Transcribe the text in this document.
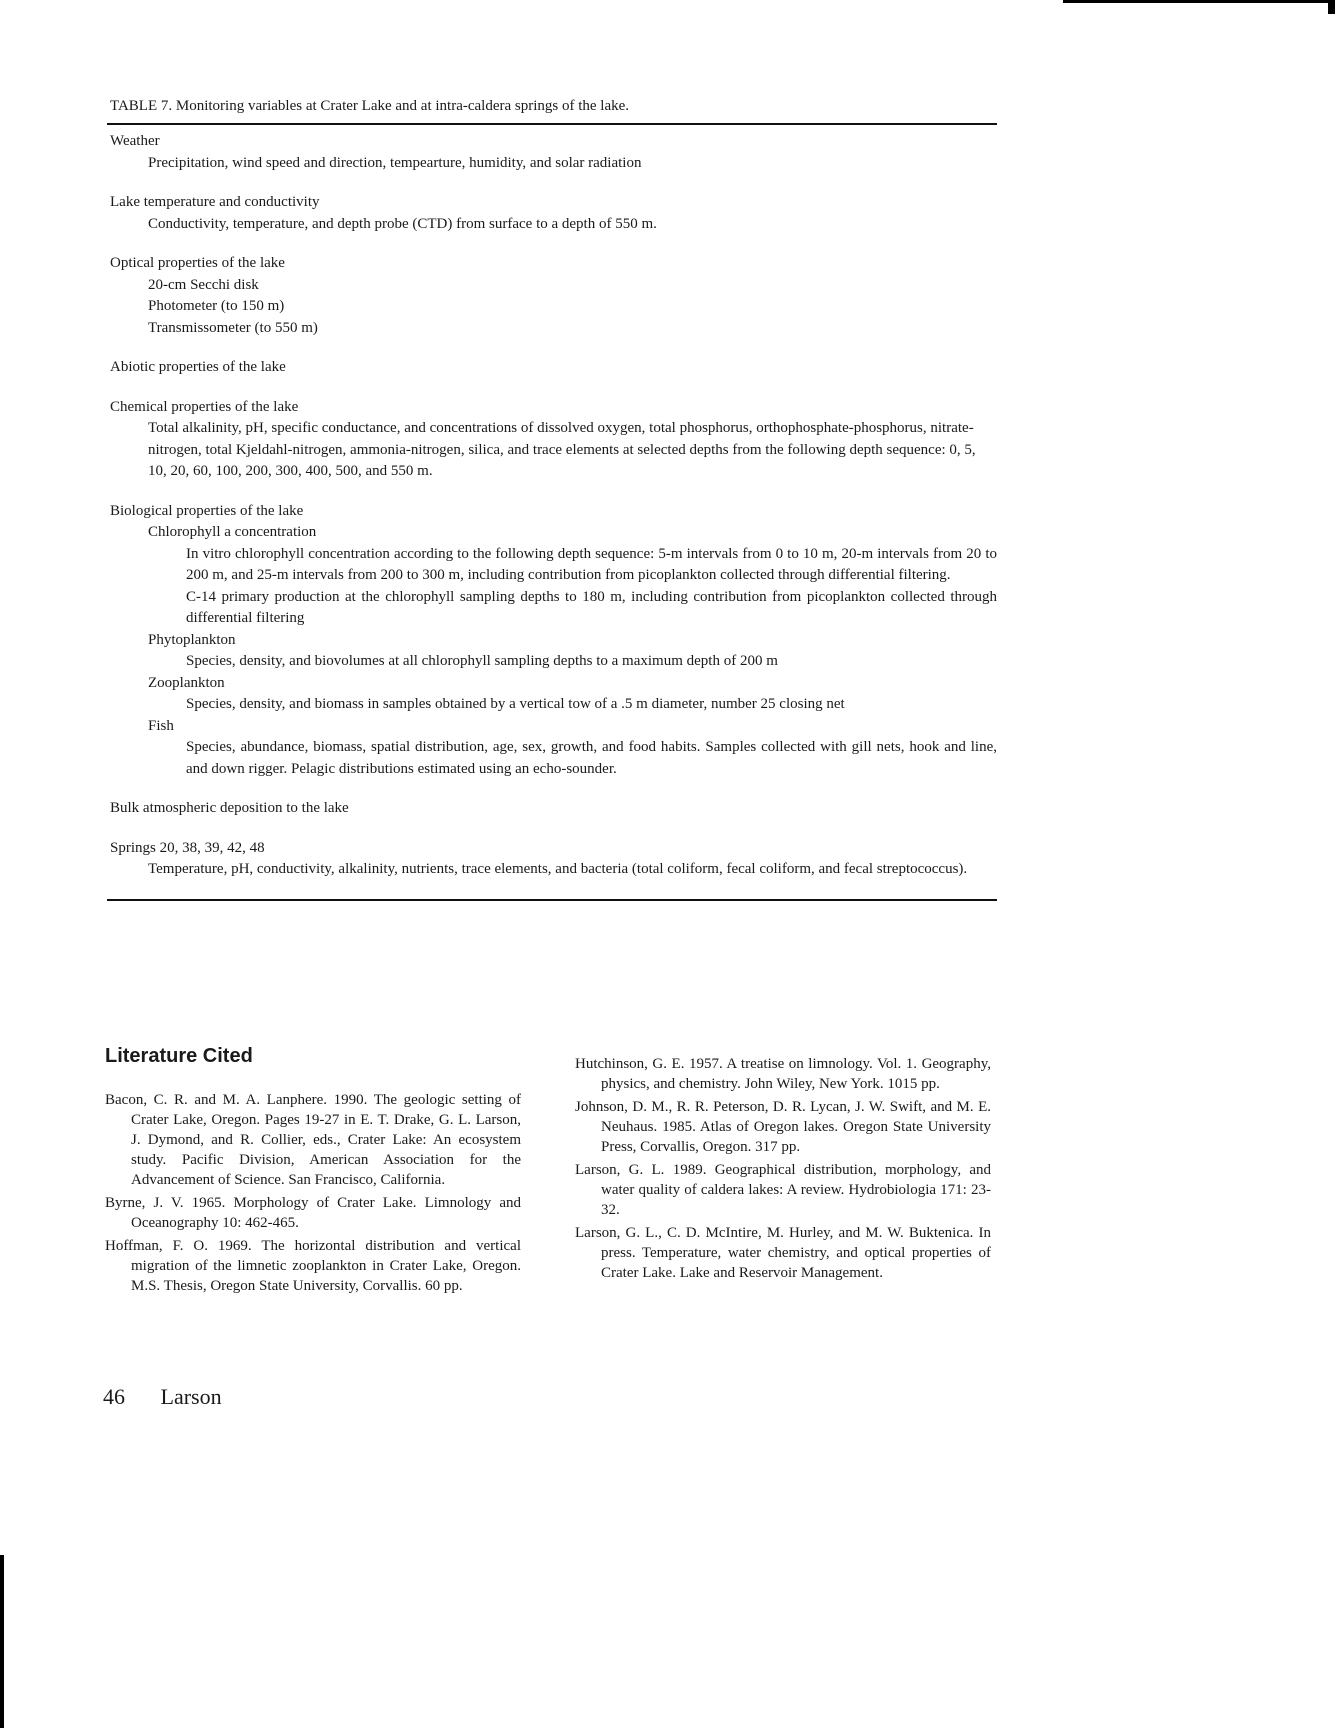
TABLE 7. Monitoring variables at Crater Lake and at intra-caldera springs of the lake.
Weather
Precipitation, wind speed and direction, tempearture, humidity, and solar radiation
Lake temperature and conductivity
Conductivity, temperature, and depth probe (CTD) from surface to a depth of 550 m.
Optical properties of the lake
20-cm Secchi disk
Photometer (to 150 m)
Transmissometer (to 550 m)
Abiotic properties of the lake
Chemical properties of the lake
Total alkalinity, pH, specific conductance, and concentrations of dissolved oxygen, total phosphorus, orthophosphate-phosphorus, nitrate-nitrogen, total Kjeldahl-nitrogen, ammonia-nitrogen, silica, and trace elements at selected depths from the following depth sequence: 0, 5, 10, 20, 60, 100, 200, 300, 400, 500, and 550 m.
Biological properties of the lake
Chlorophyll a concentration
In vitro chlorophyll concentration according to the following depth sequence: 5-m intervals from 0 to 10 m, 20-m intervals from 20 to 200 m, and 25-m intervals from 200 to 300 m, including contribution from picoplankton collected through differential filtering.
C-14 primary production at the chlorophyll sampling depths to 180 m, including contribution from picoplankton collected through differential filtering
Phytoplankton
Species, density, and biovolumes at all chlorophyll sampling depths to a maximum depth of 200 m
Zooplankton
Species, density, and biomass in samples obtained by a vertical tow of a .5 m diameter, number 25 closing net
Fish
Species, abundance, biomass, spatial distribution, age, sex, growth, and food habits. Samples collected with gill nets, hook and line, and down rigger. Pelagic distributions estimated using an echo-sounder.
Bulk atmospheric deposition to the lake
Springs 20, 38, 39, 42, 48
Temperature, pH, conductivity, alkalinity, nutrients, trace elements, and bacteria (total coliform, fecal coliform, and fecal streptococcus).
Literature Cited
Bacon, C. R. and M. A. Lanphere. 1990. The geologic setting of Crater Lake, Oregon. Pages 19-27 in E. T. Drake, G. L. Larson, J. Dymond, and R. Collier, eds., Crater Lake: An ecosystem study. Pacific Division, American Association for the Advancement of Science. San Francisco, California.
Byrne, J. V. 1965. Morphology of Crater Lake. Limnology and Oceanography 10: 462-465.
Hoffman, F. O. 1969. The horizontal distribution and vertical migration of the limnetic zooplankton in Crater Lake, Oregon. M.S. Thesis, Oregon State University, Corvallis. 60 pp.
Hutchinson, G. E. 1957. A treatise on limnology. Vol. 1. Geography, physics, and chemistry. John Wiley, New York. 1015 pp.
Johnson, D. M., R. R. Peterson, D. R. Lycan, J. W. Swift, and M. E. Neuhaus. 1985. Atlas of Oregon lakes. Oregon State University Press, Corvallis, Oregon. 317 pp.
Larson, G. L. 1989. Geographical distribution, morphology, and water quality of caldera lakes: A review. Hydrobiologia 171: 23-32.
Larson, G. L., C. D. McIntire, M. Hurley, and M. W. Buktenica. In press. Temperature, water chemistry, and optical properties of Crater Lake. Lake and Reservoir Management.
46 Larson
